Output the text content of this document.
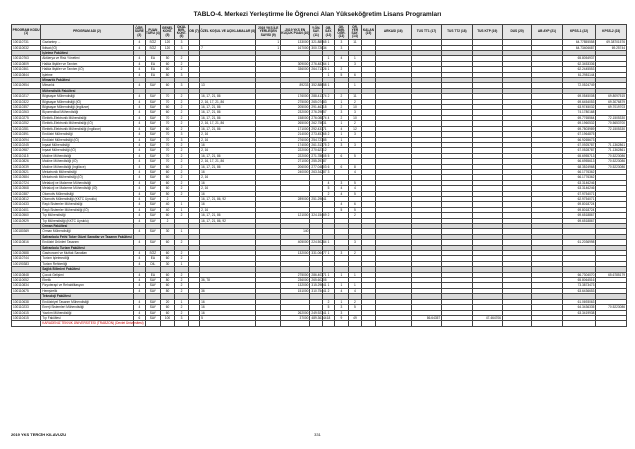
TABLO-4. Merkezi Yerleştirme İle Öğrenci Alan Yükseköğretim Lisans Programları
PROGRAM KODU (1)	PROGRAM ADI (2)	ÖĞR. SÜRE (3)	PUAN TÜRÜ (4)	GENEL KONT. (5)	OKUL BİRİ. KONT. (6)	OB (7)	ÖZEL KOŞUL VE AÇIKLAMALAR (8)	2019 YKS İLE YERLEŞEN SAYISI (9)	2019 YKS EN KÜÇÜK PUAN (10)	Y.ÖN. SAY. (11)	OB. SAY. (12)	OK. BİRİ. ÖĞR. (13)	ÖR. YER SAY. (14)	KALAN (15)	ARKASI (16)	TUS TT1 (17)	TUS TT2 (18)	TUS KTP (19)	DUS (20)	AB AYP (21)	KPSS-1 (22)	KPSS-2 (23)
100110731	Gaziantep ...	4	SÖZ	120	3			1	133000	321.88565	1	3	11								64.77855558	69.38701576
100110032	İktisat (İÖ)	4	SÖZ	120	3		7	1	167000	300.72634		3									64.73406687	69.25744
	İşletme Fakültesi																					
100110763	Aktüerya ve Risk Yönetimi	4	EA	50	2						1	4	1								65.8054937	
100110809	Halkla İlişkiler ve Tanıtım	4	EA	60	2				309000	276.48764	1		3								62.3453336	
100110361	Halkla İlişkiler ve Tanıtım (İÖ)	4	EA	60	2				336000	264.71326	1	2									62.2445553	
100110844	İşletme	4	EA	80	3						1	5	6								61.2981144	
	Mimarlık Fakültesi																					
100110954	Mimarlık	4	SAY	60	3		13		89233	352.88658	1		1								72.0524749	
	Mühendislik Fakültesi																					
100110217	Bilgisayar Mühendisliği	4	SAY	70	2		16, 17, 21, 86		176000	288.41374	2	2	11								69.0545008	69.8097515
100110322	Bilgisayar Mühendisliği (İÖ)	4	SAY	70	2		2, 16, 17, 21, 86		275000	265.07483		1	2								69.6454053	69.3076879
100110357	Bilgisayar Mühendisliği (İngilizce)	4	SAY	60	2		16, 17, 21, 86		205000	291.46315		2	10								63.9745032	69.7019703
100110263	Biyomedikal Mühendisliği	4	SAY	60	2		16, 17, 21, 86		232000	276.29657		3	3								74.1780168	
100110275	Elektrik-Elektronik Mühendisliği	4	SAY	70	2		16, 17, 21, 86		158000	276.08874	4	2	10								69.7765564	72.1505330
100110252	Elektrik-Elektronik Mühendisliği (İÖ)	4	SAY	70	2		2, 16, 17, 21, 86		265000	262.75631		1	2								69.1960532	70.5653700
100110281	Elektrik-Elektronik Mühendisliği (İngilizce)	4	SAY	60	2		16, 17, 21, 86		171000	292.43171		4	12								69.7803989	72.1505330
100110391	Endüstri Mühendisliği	4	SAY	70	3		2, 16		214000	273.45765	2	1	3								67.1964875	
100110094	Endüstri Mühendisliği (İÖ)	4	SAY	70	3		2, 16		276000	254.72385		1									66.9265673	
100110245	İnşaat Mühendisliği	4	SAY	70	2		16		174000	261.31375	2	3	3								67.0925787	71.1362861
100110987	İnşaat Mühendisliği (İÖ)	4	SAY	70	2		2, 16		222000	270.62312											67.0528787	71.1362861
100110115	Makine Mühendisliği	4	SAY	70	2		16, 17, 21, 86		222000	271.78605	5	6	5								65.6955713	70.5223086
100110826	Makine Mühendisliği (İÖ)	4	SAY	70	2		2, 16, 17, 21, 86		271000	255.29187											66.6955613	70.5223086
100110039	Makine Mühendisliği (İngilizce)	4	SAY	60	2		16, 17, 21, 86		206000	277.04803	6	6	8								68.3524968	70.5223086
100110521	Mekatronik Mühendisliği	4	SAY	60	2		16		240000	263.34287	3		4								66.1776362	
100110584	Mekatronik Mühendisliği (İÖ)	4	SAY	60	2		2, 16														66.1776362	
100110724	Metalurji ve Malzeme Mühendisliği	4	SAY	60	2		16				4	3	5								63.3146246	
100110568	Metalurji ve Malzeme Mühendisliği (İÖ)	4	SAY	60	2		2, 16				5	4	4								63.3146246	
100110387	Otomotiv Mühendisliği	4	SAY	50	2		16				2	4	5								67.9754071	
100110812	Otomotiv Mühendisliği (KKTC Uyruklu)	4	SAY	2			16, 17, 21, 86, 92		289000	251.29641											62.9754071	
100110433	Raylı Sistemler Mühendisliği	4	SAY	40	1		16					4	6								69.8018724	
100110401	Raylı Sistemler Mühendisliği (İÖ)	4	SAY	40	1		2, 16					5	5								69.8018724	
100110560	Tıp Mühendisliği	4	SAY	60	2		16, 17, 21, 86		121000	324.15469	2		2								69.6518867	
100110929	Tıp Mühendisliği (KKTC Uyruklu)	4	SAY	2			16, 17, 21, 86, 92														69.6518867	
	Orman Fakültesi																					
100180369	Orman Mühendisliği	4	SAY	30	1				140													
	Safranbolu Fethi Toker Güzel Sanatlar ve Tasarım Fakültesi																					
100110816	Endüstri Ürünleri Tasarımı	4	SAY	60	2				405000	224.50284	1		3								61.2036998	
	Safranbolu Turizm Fakültesi																					
100110588	Gastronomi ve Mutfak Sanatları	4	SÖZ	60	2				132000	331.06477	1	3	2									
100110744	Turizm İşletmeciliği	4	EA	60	2																	
100190383	Turizm Rehberliği	4	DİL	30	1																	
	Sağlık Bilimleri Fakültesi																					
100110848	Çocuk Gelişimi	4	EA	60	2				275000	286.40371	1	1	1								66.7304070	65.6785179
100110052	Ebelik	4	SAY	80	2		36, 78		236000	265.60205											65.8064516	
100110834	Fizyoterapi ve Rehabilitasyon	4	SAY	60	2				132000	315.29641	1	1	1								73.3873473	
100110675	Hemşirelik	4	SAY	80	2		36		151000	310.75441	2	4	4								63.6436653	
	Teknoloji Fakültesi																					
100110638	Endüstriyel Tasarım Mühendisliği	4	SAY	20	1		16				2	1	2								61.0693063	
100110233	Enerji Sistemleri Mühendisliği	4	SAY	60	2		16				5	3	5								64.3436335	70.5223086
100110415	Yazılım Mühendisliği	4	SAY	60	2		16		262000	249.92341	1	3									63.3419938	
100110415	Tıp Fakültesi	6	SAY	100	3		5		37000	489.36144	18	9	49			86.64357		47.464706				
	KARADENİZ TEKNİK ÜNİVERSİTESİ (TRABZON) (Devlet Üniversitesi)																					
2019 YKS TERCİH KILAVUZU	331
